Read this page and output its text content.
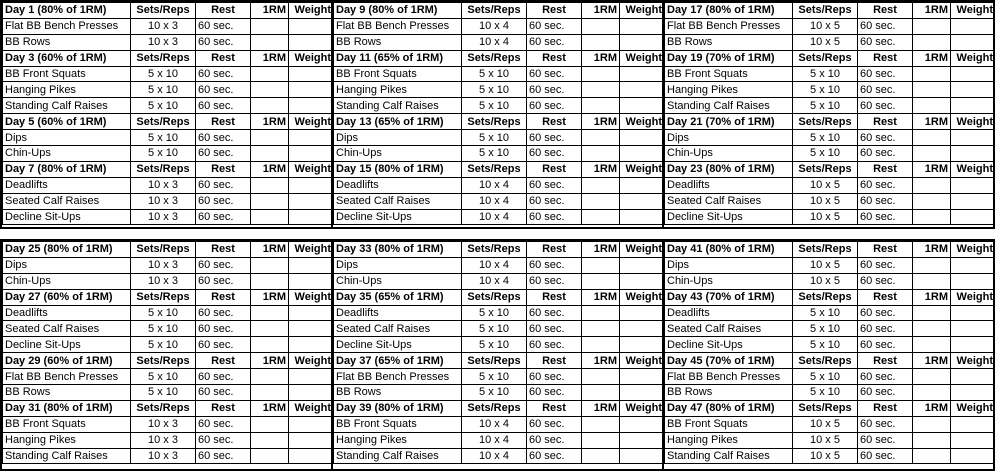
Day 1 (80% of 1RM)	Sets/Reps	Rest	1RM	Weight
Flat BB Bench Presses	10 x 3	60 sec.		
BB Rows	10 x 3	60 sec.		
Day 3 (60% of 1RM)	Sets/Reps	Rest	1RM	Weight
BB Front Squats	5 x 10	60 sec.		
Hanging Pikes	5 x 10	60 sec.		
Standing Calf Raises	5 x 10	60 sec.		
Day 5 (60% of 1RM)	Sets/Reps	Rest	1RM	Weight
Dips	5 x 10	60 sec.		
Chin-Ups	5 x 10	60 sec.		
Day 7 (80% of 1RM)	Sets/Reps	Rest	1RM	Weight
Deadlifts	10 x 3	60 sec.		
Seated Calf Raises	10 x 3	60 sec.		
Decline Sit-Ups	10 x 3	60 sec.		
Day 9 (80% of 1RM)	Sets/Reps	Rest	1RM	Weight
Flat BB Bench Presses	10 x 4	60 sec.		
BB Rows	10 x 4	60 sec.		
Day 11 (65% of 1RM)	Sets/Reps	Rest	1RM	Weight
BB Front Squats	5 x 10	60 sec.		
Hanging Pikes	5 x 10	60 sec.		
Standing Calf Raises	5 x 10	60 sec.		
Day 13 (65% of 1RM)	Sets/Reps	Rest	1RM	Weight
Dips	5 x 10	60 sec.		
Chin-Ups	5 x 10	60 sec.		
Day 15 (80% of 1RM)	Sets/Reps	Rest	1RM	Weight
Deadlifts	10 x 4	60 sec.		
Seated Calf Raises	10 x 4	60 sec.		
Decline Sit-Ups	10 x 4	60 sec.		
Day 17 (80% of 1RM)	Sets/Reps	Rest	1RM	Weight
Flat BB Bench Presses	10 x 5	60 sec.		
BB Rows	10 x 5	60 sec.		
Day 19 (70% of 1RM)	Sets/Reps	Rest	1RM	Weight
BB Front Squats	5 x 10	60 sec.		
Hanging Pikes	5 x 10	60 sec.		
Standing Calf Raises	5 x 10	60 sec.		
Day 21 (70% of 1RM)	Sets/Reps	Rest	1RM	Weight
Dips	5 x 10	60 sec.		
Chin-Ups	5 x 10	60 sec.		
Day 23 (80% of 1RM)	Sets/Reps	Rest	1RM	Weight
Deadlifts	10 x 5	60 sec.		
Seated Calf Raises	10 x 5	60 sec.		
Decline Sit-Ups	10 x 5	60 sec.		
Day 25 (80% of 1RM)	Sets/Reps	Rest	1RM	Weight
Dips	10 x 3	60 sec.		
Chin-Ups	10 x 3	60 sec.		
Day 27 (60% of 1RM)	Sets/Reps	Rest	1RM	Weight
Deadlifts	5 x 10	60 sec.		
Seated Calf Raises	5 x 10	60 sec.		
Decline Sit-Ups	5 x 10	60 sec.		
Day 29 (60% of 1RM)	Sets/Reps	Rest	1RM	Weight
Flat BB Bench Presses	5 x 10	60 sec.		
BB Rows	5 x 10	60 sec.		
Day 31 (80% of 1RM)	Sets/Reps	Rest	1RM	Weight
BB Front Squats	10 x 3	60 sec.		
Hanging Pikes	10 x 3	60 sec.		
Standing Calf Raises	10 x 3	60 sec.		
Day 33 (80% of 1RM)	Sets/Reps	Rest	1RM	Weight
Dips	10 x 4	60 sec.		
Chin-Ups	10 x 4	60 sec.		
Day 35 (65% of 1RM)	Sets/Reps	Rest	1RM	Weight
Deadlifts	5 x 10	60 sec.		
Seated Calf Raises	5 x 10	60 sec.		
Decline Sit-Ups	5 x 10	60 sec.		
Day 37 (65% of 1RM)	Sets/Reps	Rest	1RM	Weight
Flat BB Bench Presses	5 x 10	60 sec.		
BB Rows	5 x 10	60 sec.		
Day 39 (80% of 1RM)	Sets/Reps	Rest	1RM	Weight
BB Front Squats	10 x 4	60 sec.		
Hanging Pikes	10 x 4	60 sec.		
Standing Calf Raises	10 x 4	60 sec.		
Day 41 (80% of 1RM)	Sets/Reps	Rest	1RM	Weight
Dips	10 x 5	60 sec.		
Chin-Ups	10 x 5	60 sec.		
Day 43 (70% of 1RM)	Sets/Reps	Rest	1RM	Weight
Deadlifts	5 x 10	60 sec.		
Seated Calf Raises	5 x 10	60 sec.		
Decline Sit-Ups	5 x 10	60 sec.		
Day 45 (70% of 1RM)	Sets/Reps	Rest	1RM	Weight
Flat BB Bench Presses	5 x 10	60 sec.		
BB Rows	5 x 10	60 sec.		
Day 47 (80% of 1RM)	Sets/Reps	Rest	1RM	Weight
BB Front Squats	10 x 5	60 sec.		
Hanging Pikes	10 x 5	60 sec.		
Standing Calf Raises	10 x 5	60 sec.		
